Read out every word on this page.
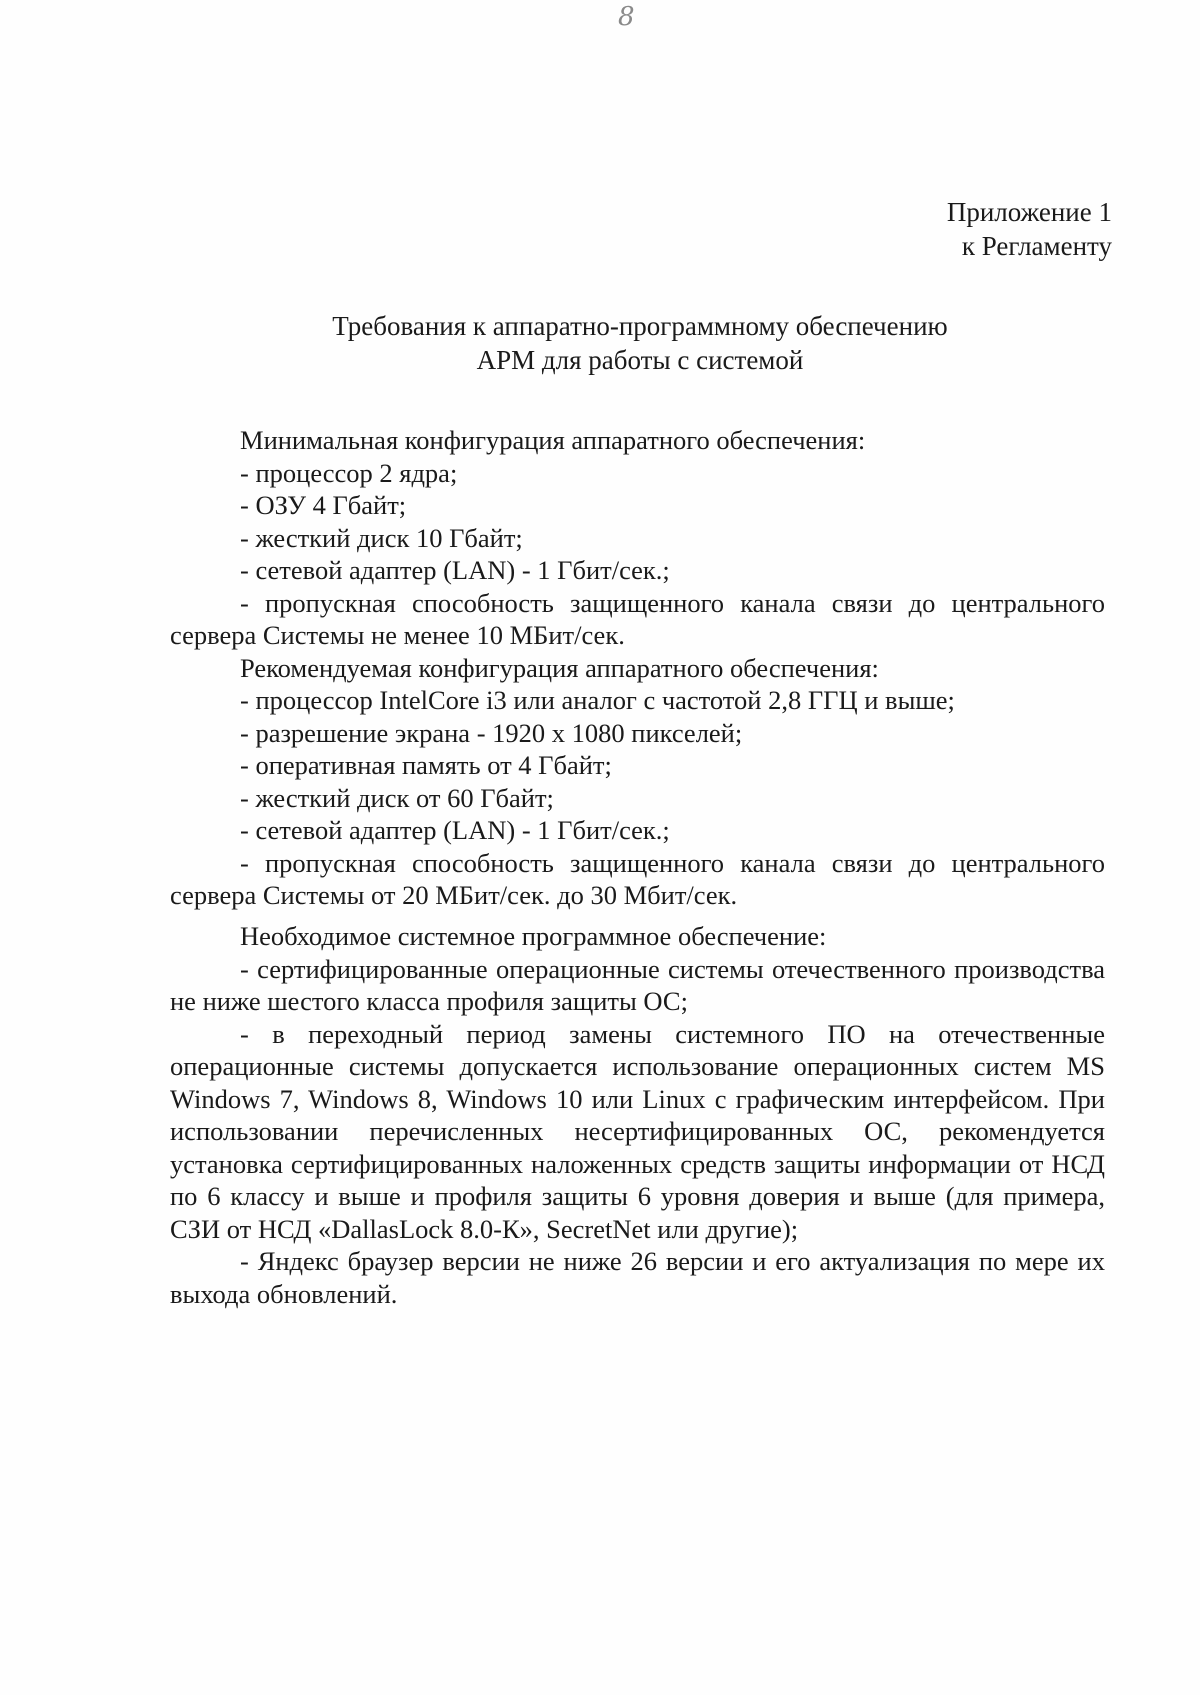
8
Приложение 1
к Регламенту
Требования к аппаратно-программному обеспечению
АРМ для работы с системой

Минимальная конфигурация аппаратного обеспечения:

- процессор 2 ядра;

- ОЗУ 4 Гбайт;

- жесткий диск 10 Гбайт;

- сетевой адаптер (LAN) - 1 Гбит/сек.;

- пропускная способность защищенного канала связи до центрального

сервера Системы не менее 10 МБит/сек.

Рекомендуемая конфигурация аппаратного обеспечения:

- процессор IntelCore i3 или аналог с частотой 2,8 ГГЦ и выше;

- разрешение экрана - 1920 х 1080 пикселей;

- оперативная память от 4 Гбайт;

- жесткий диск от 60 Гбайт;

- сетевой адаптер (LAN) - 1 Гбит/сек.;

- пропускная способность защищенного канала связи до центрального

сервера Системы от 20 МБит/сек. до 30 Мбит/сек.

Необходимое системное программное обеспечение:

- сертифицированные операционные системы отечественного производства не ниже шестого класса профиля защиты ОС;

- в переходный период замены системного ПО на отечественные операционные системы допускается использование операционных систем MS Windows 7, Windows 8, Windows 10 или Linux с графическим интерфейсом. При использовании перечисленных несертифицированных ОС, рекомендуется установка сертифицированных наложенных средств защиты информации от НСД по 6 классу и выше и профиля защиты 6 уровня доверия и выше (для примера, СЗИ от НСД «DallasLock 8.0-К», SecretNet или другие);

- Яндекс браузер версии не ниже 26 версии и его актуализация по мере их выхода обновлений.
